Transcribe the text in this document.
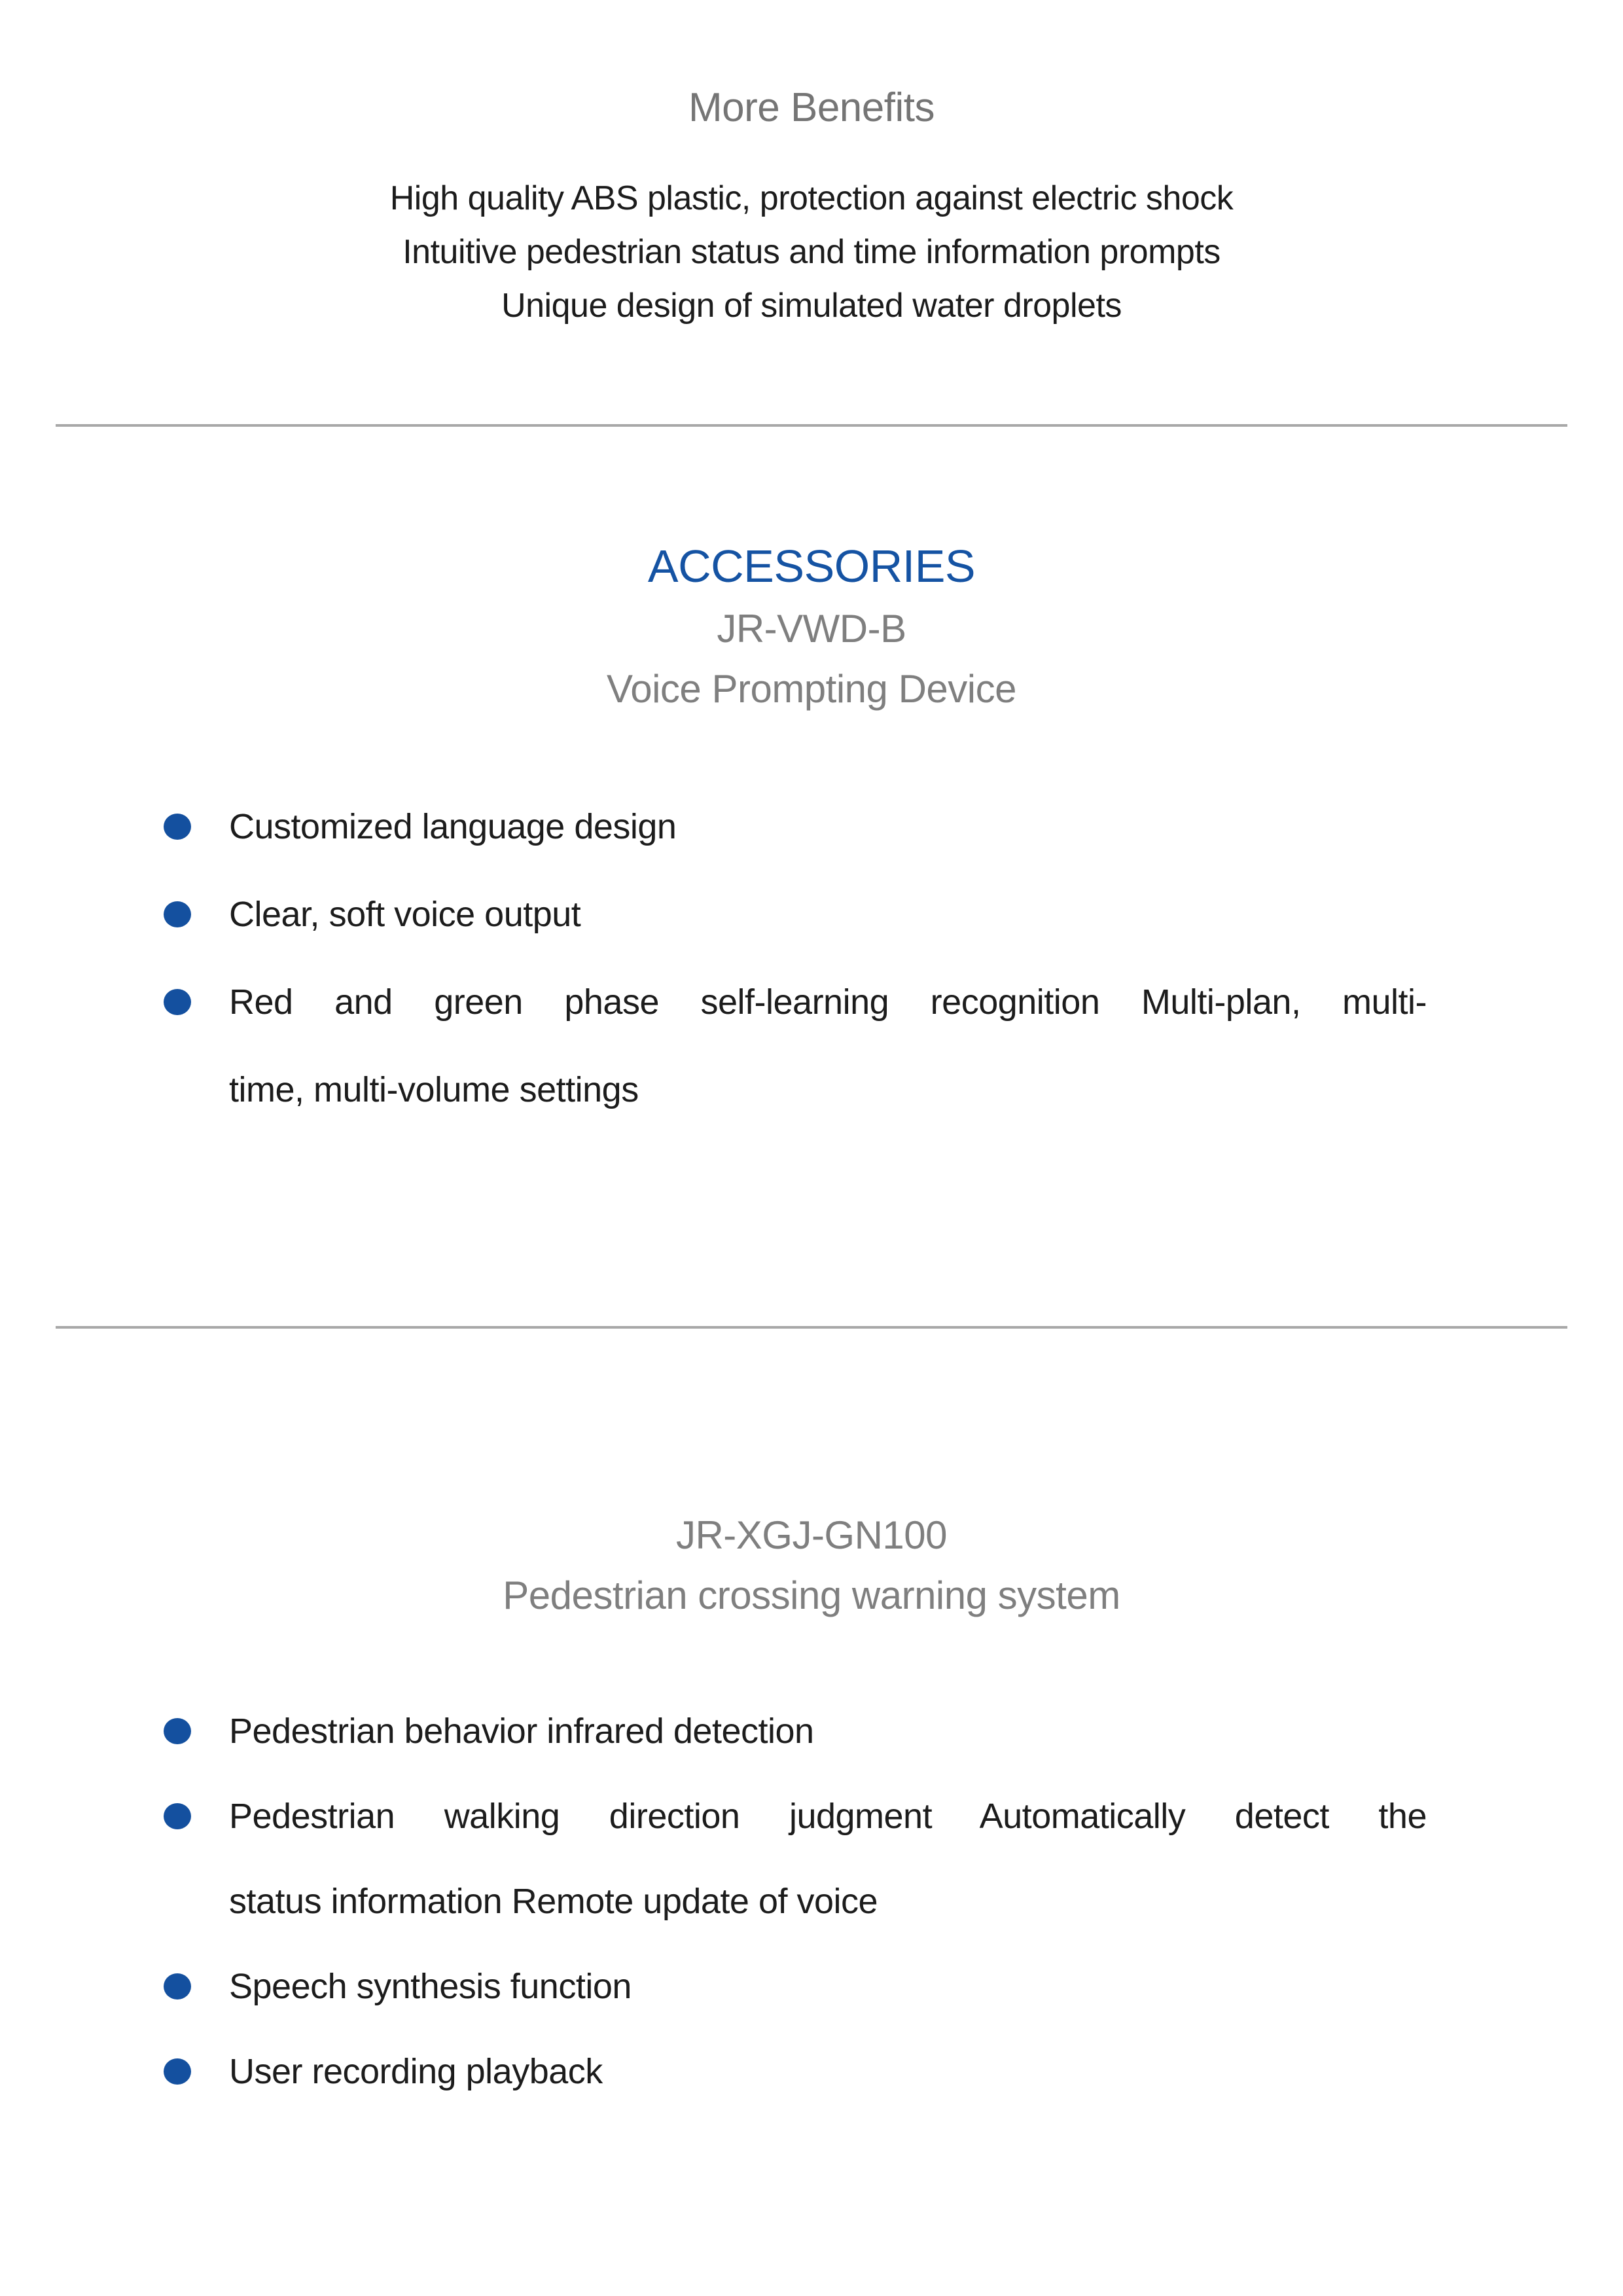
More Benefits
High quality ABS plastic, protection against electric shock
Intuitive pedestrian status and time information prompts
Unique design of simulated water droplets
ACCESSORIES
JR-VWD-B
Voice Prompting Device
Customized language design
Clear, soft voice output
Red and green phase self-learning recognition Multi-plan, multi-
time, multi-volume settings
JR-XGJ-GN100
Pedestrian crossing warning system
Pedestrian behavior infrared detection
Pedestrian walking direction judgment Automatically detect the
status information Remote update of voice
Speech synthesis function
User recording playback
